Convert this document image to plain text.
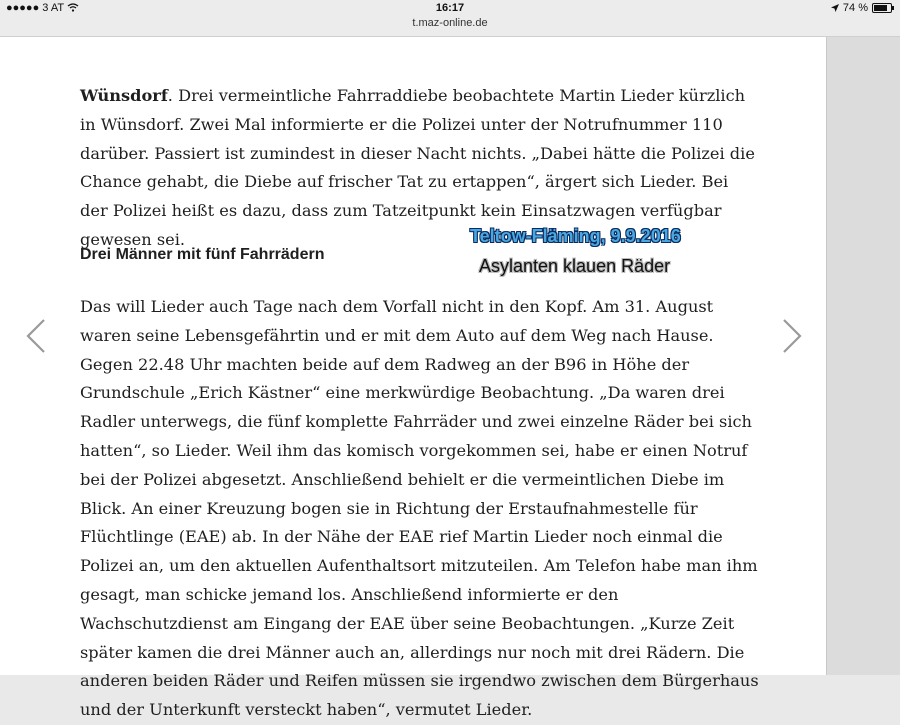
●●●●● 3 AT	16:17	74 %
t.maz-online.de

Wünsdorf. Drei vermeintliche Fahrraddiebe beobachtete Martin Lieder kürzlich in Wünsdorf. Zwei Mal informierte er die Polizei unter der Notrufnummer 110 darüber. Passiert ist zumindest in dieser Nacht nichts. „Dabei hätte die Polizei die Chance gehabt, die Diebe auf frischer Tat zu ertappen“, ärgert sich Lieder. Bei der Polizei heißt es dazu, dass zum Tatzeitpunkt kein Einsatzwagen verfügbar gewesen sei.

Drei Männer mit fünf Fahrrädern
Teltow-Fläming, 9.9.2016
Asylanten klauen Räder

Das will Lieder auch Tage nach dem Vorfall nicht in den Kopf. Am 31. August waren seine Lebensgefährtin und er mit dem Auto auf dem Weg nach Hause. Gegen 22.48 Uhr machten beide auf dem Radweg an der B96 in Höhe der Grundschule „Erich Kästner“ eine merkwürdige Beobachtung. „Da waren drei Radler unterwegs, die fünf komplette Fahrräder und zwei einzelne Räder bei sich hatten“, so Lieder. Weil ihm das komisch vorgekommen sei, habe er einen Notruf bei der Polizei abgesetzt. Anschließend behielt er die vermeintlichen Diebe im Blick. An einer Kreuzung bogen sie in Richtung der Erstaufnahmestelle für Flüchtlinge (EAE) ab. In der Nähe der EAE rief Martin Lieder noch einmal die Polizei an, um den aktuellen Aufenthaltsort mitzuteilen. Am Telefon habe man ihm gesagt, man schicke jemand los. Anschließend informierte er den Wachschutzdienst am Eingang der EAE über seine Beobachtungen. „Kurze Zeit später kamen die drei Männer auch an, allerdings nur noch mit drei Rädern. Die anderen beiden Räder und Reifen müssen sie irgendwo zwischen dem Bürgerhaus und der Unterkunft versteckt haben“, vermutet Lieder.
